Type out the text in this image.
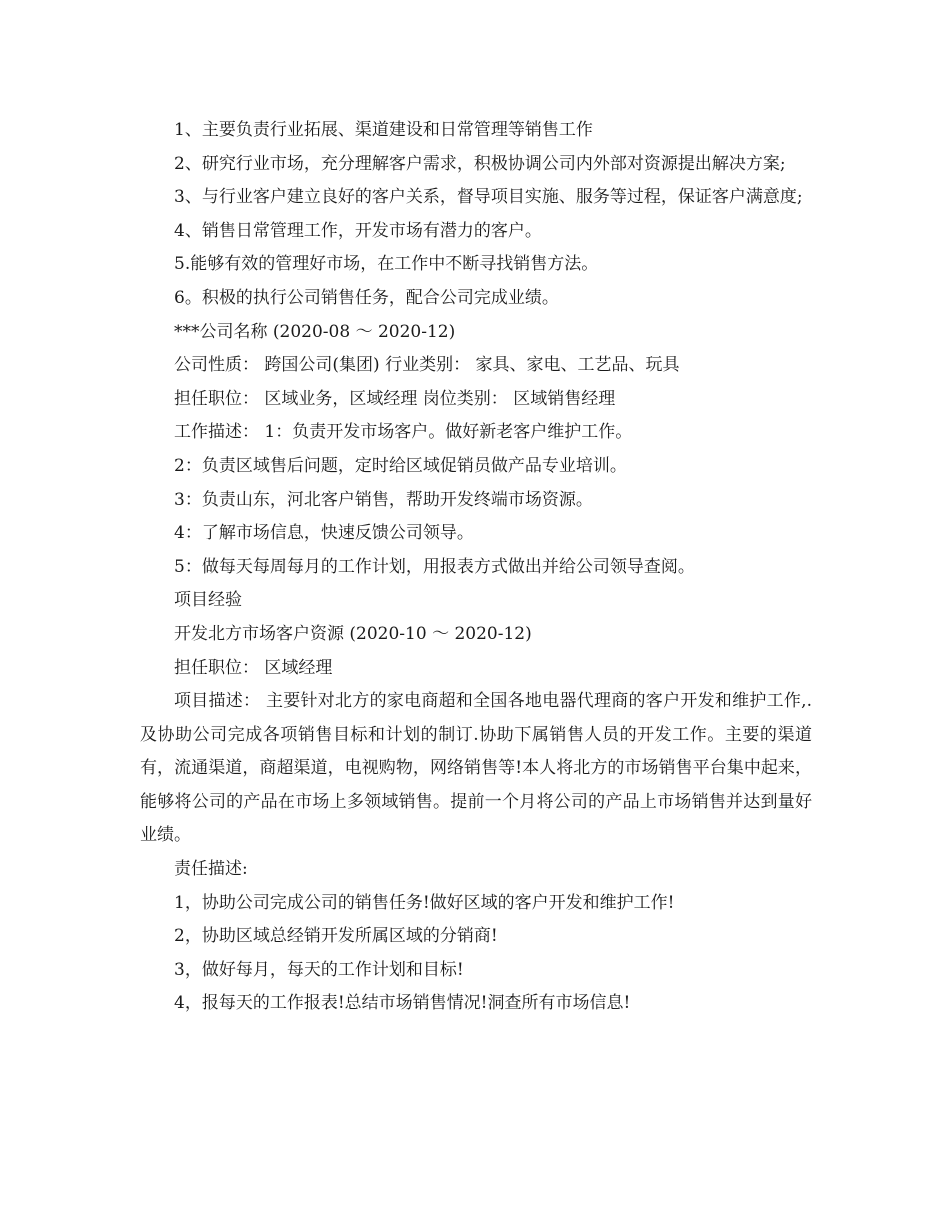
1、主要负责行业拓展、渠道建设和日常管理等销售工作

2、研究行业市场，充分理解客户需求，积极协调公司内外部对资源提出解决方案;

3、与行业客户建立良好的客户关系，督导项目实施、服务等过程，保证客户满意度;

4、销售日常管理工作，开发市场有潜力的客户。

5.能够有效的管理好市场，在工作中不断寻找销售方法。

6。积极的执行公司销售任务，配合公司完成业绩。

***公司名称 (2020-08 ～ 2020-12)

公司性质： 跨国公司(集团) 行业类别： 家具、家电、工艺品、玩具

担任职位： 区域业务，区域经理 岗位类别： 区域销售经理

工作描述： 1：负责开发市场客户。做好新老客户维护工作。

2：负责区域售后问题，定时给区域促销员做产品专业培训。

3：负责山东，河北客户销售，帮助开发终端市场资源。

4：了解市场信息，快速反馈公司领导。

5：做每天每周每月的工作计划，用报表方式做出并给公司领导查阅。

项目经验

开发北方市场客户资源 (2020-10 ～ 2020-12)

担任职位： 区域经理

项目描述： 主要针对北方的家电商超和全国各地电器代理商的客户开发和维护工作,.及协助公司完成各项销售目标和计划的制订.协助下属销售人员的开发工作。主要的渠道有，流通渠道，商超渠道，电视购物，网络销售等!本人将北方的市场销售平台集中起来，能够将公司的产品在市场上多领域销售。提前一个月将公司的产品上市场销售并达到量好业绩。

责任描述:

1，协助公司完成公司的销售任务!做好区域的客户开发和维护工作!

2，协助区域总经销开发所属区域的分销商!

3，做好每月，每天的工作计划和目标!

4，报每天的工作报表!总结市场销售情况!洞查所有市场信息!
